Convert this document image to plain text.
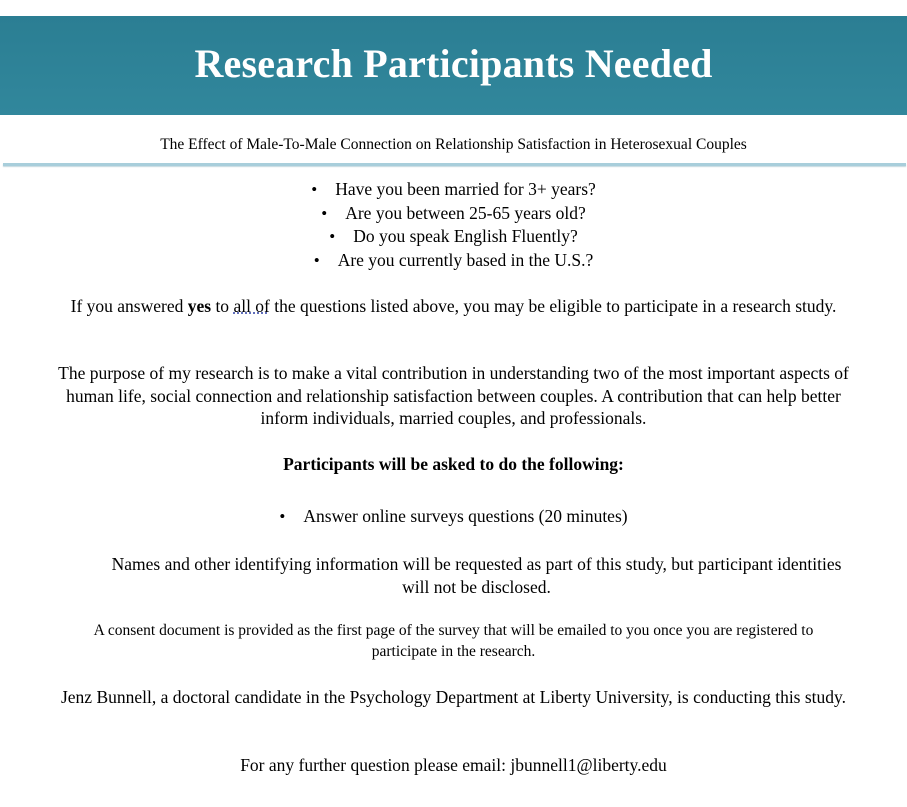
Research Participants Needed
The Effect of Male-To-Male Connection on Relationship Satisfaction in Heterosexual Couples
• Have you been married for 3+ years?
• Are you between 25-65 years old?
• Do you speak English Fluently?
• Are you currently based in the U.S.?

If you answered yes to all of the questions listed above, you may be eligible to participate in a research study.

The purpose of my research is to make a vital contribution in understanding two of the most important aspects of human life, social connection and relationship satisfaction between couples. A contribution that can help better inform individuals, married couples, and professionals.

Participants will be asked to do the following:

• Answer online surveys questions (20 minutes)

Names and other identifying information will be requested as part of this study, but participant identities will not be disclosed.

A consent document is provided as the first page of the survey that will be emailed to you once you are registered to participate in the research.

Jenz Bunnell, a doctoral candidate in the Psychology Department at Liberty University, is conducting this study.

For any further question please email: jbunnell1@liberty.edu
